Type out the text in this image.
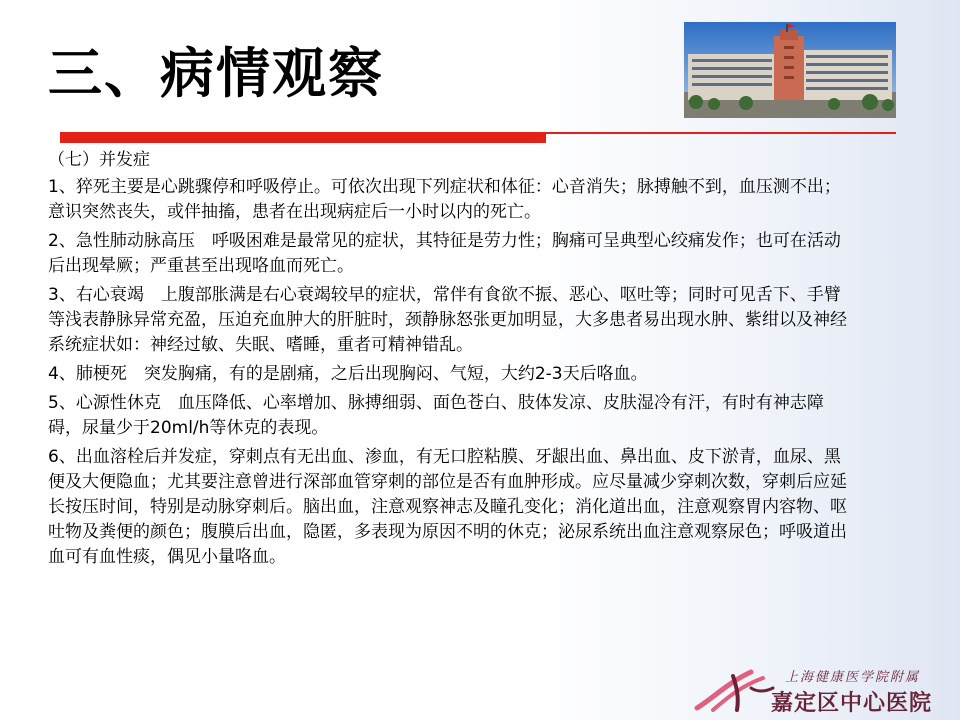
三、病情观察

（七）并发症

1、猝死主要是心跳骤停和呼吸停止。可依次出现下列症状和体征：心音消失；脉搏触不到，血压测不出；意识突然丧失，或伴抽搐，患者在出现病症后一小时以内的死亡。

2、急性肺动脉高压　呼吸困难是最常见的症状，其特征是劳力性；胸痛可呈典型心绞痛发作；也可在活动后出现晕厥；严重甚至出现咯血而死亡。

3、右心衰竭　上腹部胀满是右心衰竭较早的症状，常伴有食欲不振、恶心、呕吐等；同时可见舌下、手臂等浅表静脉异常充盈，压迫充血肿大的肝脏时，颈静脉怒张更加明显，大多患者易出现水肿、紫绀以及神经系统症状如：神经过敏、失眠、嗜睡，重者可精神错乱。

4、肺梗死　突发胸痛，有的是剧痛，之后出现胸闷、气短，大约2-3天后咯血。

5、心源性休克　血压降低、心率增加、脉搏细弱、面色苍白、肢体发凉、皮肤湿冷有汗，有时有神志障碍，尿量少于20ml/h等休克的表现。

6、出血溶栓后并发症，穿刺点有无出血、渗血，有无口腔粘膜、牙龈出血、鼻出血、皮下淤青，血尿、黑便及大便隐血；尤其要注意曾进行深部血管穿刺的部位是否有血肿形成。应尽量减少穿刺次数，穿刺后应延长按压时间，特别是动脉穿刺后。脑出血，注意观察神志及瞳孔变化；消化道出血，注意观察胃内容物、呕吐物及粪便的颜色；腹膜后出血，隐匿，多表现为原因不明的休克；泌尿系统出血注意观察尿色；呼吸道出血可有血性痰，偶见小量咯血。

上海健康医学院附属
嘉定区中心医院
